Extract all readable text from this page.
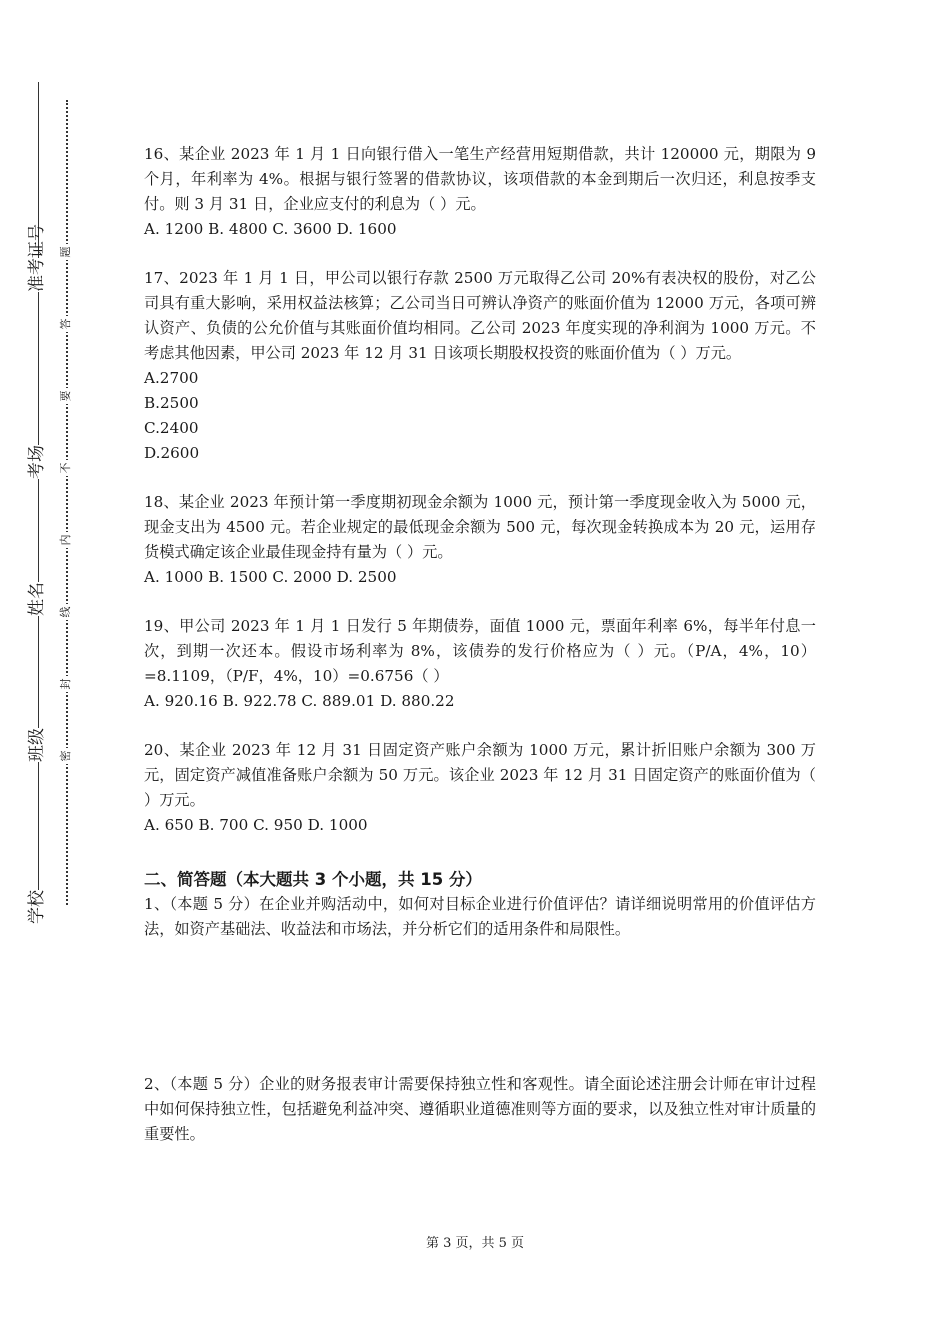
准考证号
考场
姓名
班级
学校
题
答
要
不
内
线
封
密

16、某企业 2023 年 1 月 1 日向银行借入一笔生产经营用短期借款，共计 120000 元，期限为 9 个月，年利率为 4%。根据与银行签署的借款协议，该项借款的本金到期后一次归还，利息按季支付。则 3 月 31 日，企业应支付的利息为（ ）元。

A. 1200 B. 4800 C. 3600 D. 1600

17、2023 年 1 月 1 日，甲公司以银行存款 2500 万元取得乙公司 20%有表决权的股份，对乙公司具有重大影响，采用权益法核算；乙公司当日可辨认净资产的账面价值为 12000 万元，各项可辨认资产、负债的公允价值与其账面价值均相同。乙公司 2023 年度实现的净利润为 1000 万元。不考虑其他因素，甲公司 2023 年 12 月 31 日该项长期股权投资的账面价值为（ ）万元。

A.2700

B.2500

C.2400

D.2600

18、某企业 2023 年预计第一季度期初现金余额为 1000 元，预计第一季度现金收入为 5000 元，现金支出为 4500 元。若企业规定的最低现金余额为 500 元，每次现金转换成本为 20 元，运用存货模式确定该企业最佳现金持有量为（ ）元。

A. 1000 B. 1500 C. 2000 D. 2500

19、甲公司 2023 年 1 月 1 日发行 5 年期债券，面值 1000 元，票面年利率 6%，每半年付息一次，到期一次还本。假设市场利率为 8%，该债券的发行价格应为（ ）元。（P/A，4%，10）=8.1109，（P/F，4%，10）=0.6756（ ）

A. 920.16 B. 922.78 C. 889.01 D. 880.22

20、某企业 2023 年 12 月 31 日固定资产账户余额为 1000 万元，累计折旧账户余额为 300 万元，固定资产减值准备账户余额为 50 万元。该企业 2023 年 12 月 31 日固定资产的账面价值为（ ）万元。

A. 650 B. 700 C. 950 D. 1000

二、简答题（本大题共 3 个小题，共 15 分）

1、（本题 5 分）在企业并购活动中，如何对目标企业进行价值评估？请详细说明常用的价值评估方法，如资产基础法、收益法和市场法，并分析它们的适用条件和局限性。

2、（本题 5 分）企业的财务报表审计需要保持独立性和客观性。请全面论述注册会计师在审计过程中如何保持独立性，包括避免利益冲突、遵循职业道德准则等方面的要求，以及独立性对审计质量的重要性。

第 3 页，共 5 页
